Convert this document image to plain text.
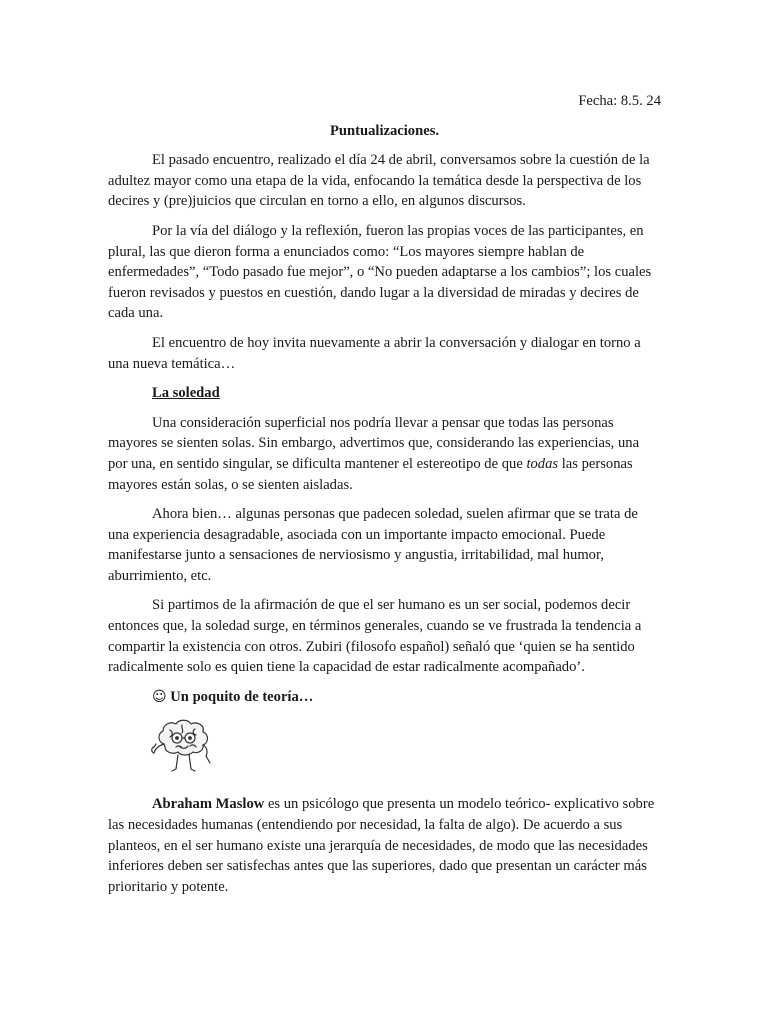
Fecha: 8.5. 24
Puntualizaciones.

El pasado encuentro, realizado el día 24 de abril, conversamos sobre la cuestión de la adultez mayor como una etapa de la vida, enfocando la temática desde la perspectiva de los decires y (pre)juicios que circulan en torno a ello, en algunos discursos.

Por la vía del diálogo y la reflexión, fueron las propias voces de las participantes, en plural, las que dieron forma a enunciados como: “Los mayores siempre hablan de enfermedades”, “Todo pasado fue mejor”, o “No pueden adaptarse a los cambios”; los cuales fueron revisados y puestos en cuestión, dando lugar a la diversidad de miradas y decires de cada una.

El encuentro de hoy invita nuevamente a abrir la conversación y dialogar en torno a una nueva temática…

La soledad

Una consideración superficial nos podría llevar a pensar que todas las personas mayores se sienten solas. Sin embargo, advertimos que, considerando las experiencias, una por una, en sentido singular, se dificulta mantener el estereotipo de que todas las personas mayores están solas, o se sienten aisladas.

Ahora bien… algunas personas que padecen soledad, suelen afirmar que se trata de una experiencia desagradable, asociada con un importante impacto emocional. Puede manifestarse junto a sensaciones de nerviosismo y angustia, irritabilidad, mal humor, aburrimiento, etc.

Si partimos de la afirmación de que el ser humano es un ser social, podemos decir entonces que, la soledad surge, en términos generales, cuando se ve frustrada la tendencia a compartir la existencia con otros. Zubiri (filosofo español) señaló que ‘quien se ha sentido radicalmente solo es quien tiene la capacidad de estar radicalmente acompañado’.

☺ Un poquito de teoría…

Abraham Maslow es un psicólogo que presenta un modelo teórico- explicativo sobre las necesidades humanas (entendiendo por necesidad, la falta de algo). De acuerdo a sus planteos, en el ser humano existe una jerarquía de necesidades, de modo que las necesidades inferiores deben ser satisfechas antes que las superiores, dado que presentan un carácter más prioritario y potente.
